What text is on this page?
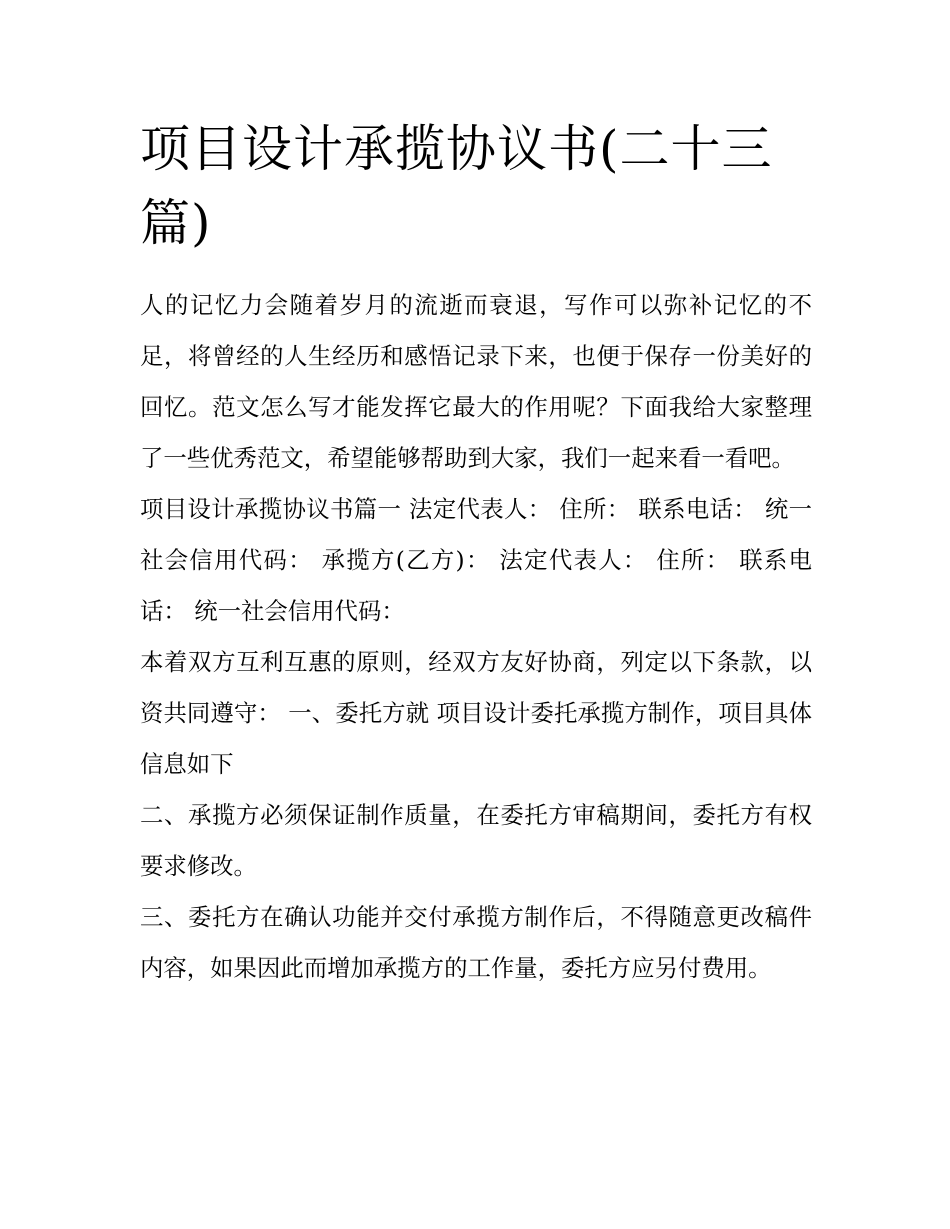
项目设计承揽协议书(二十三篇)

人的记忆力会随着岁月的流逝而衰退，写作可以弥补记忆的不足，将曾经的人生经历和感悟记录下来，也便于保存一份美好的回忆。范文怎么写才能发挥它最大的作用呢？下面我给大家整理了一些优秀范文，希望能够帮助到大家，我们一起来看一看吧。

项目设计承揽协议书篇一 法定代表人： 住所： 联系电话： 统一社会信用代码： 承揽方(乙方)： 法定代表人： 住所： 联系电话： 统一社会信用代码：

本着双方互利互惠的原则，经双方友好协商，列定以下条款，以资共同遵守： 一、委托方就 项目设计委托承揽方制作，项目具体信息如下

二、承揽方必须保证制作质量，在委托方审稿期间，委托方有权要求修改。

三、委托方在确认功能并交付承揽方制作后，不得随意更改稿件内容，如果因此而增加承揽方的工作量，委托方应另付费用。
